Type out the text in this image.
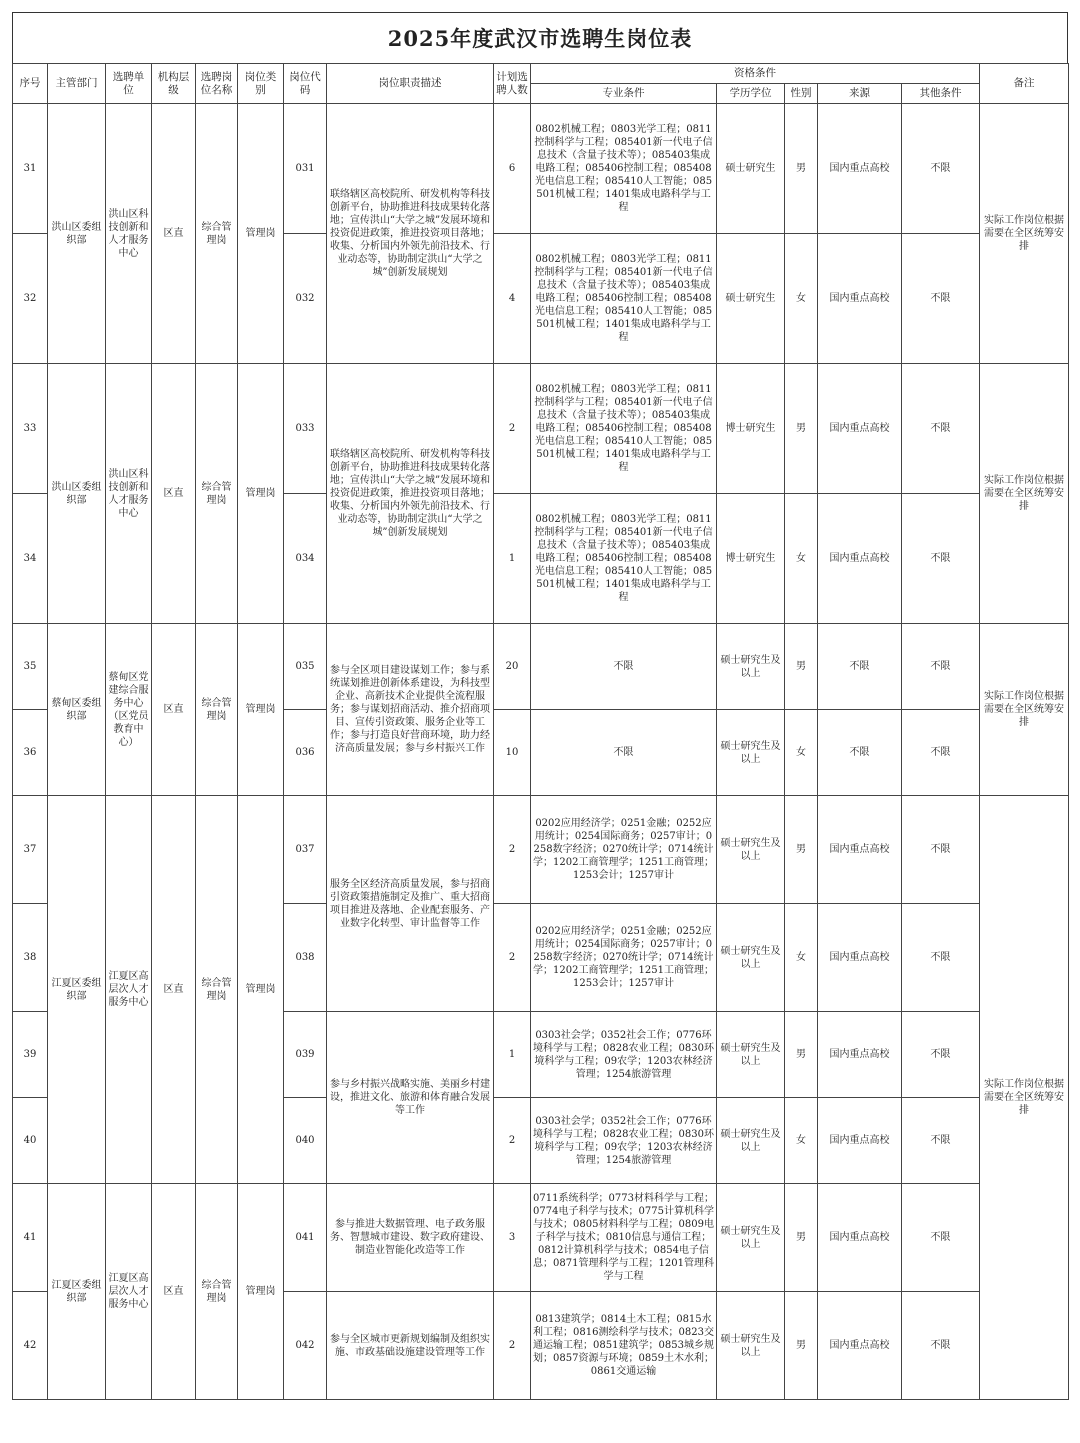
2025年度武汉市选聘生岗位表
序号	主管部门	选聘单位	机构层级	选聘岗位名称	岗位类别	岗位代码	岗位职责描述	计划选聘人数	资格条件					备注
									专业条件	学历学位	性别	来源	其他条件	
31	洪山区委组织部	洪山区科技创新和人才服务中心	区直	综合管理岗	管理岗	031	联络辖区高校院所、研发机构等科技创新平台，协助推进科技成果转化落地；宣传洪山“大学之城”发展环境和投资促进政策，推进投资项目落地；收集、分析国内外领先前沿技术、行业动态等，协助制定洪山“大学之城”创新发展规划	6	0802机械工程；0803光学工程；0811控制科学与工程；085401新一代电子信息技术（含量子技术等）；085403集成电路工程；085406控制工程；085408光电信息工程；085410人工智能；085501机械工程；1401集成电路科学与工程	硕士研究生	男	国内重点高校	不限	实际工作岗位根据需要在全区统筹安排
32						032		4	0802机械工程；0803光学工程；0811控制科学与工程；085401新一代电子信息技术（含量子技术等）；085403集成电路工程；085406控制工程；085408光电信息工程；085410人工智能；085501机械工程；1401集成电路科学与工程	硕士研究生	女	国内重点高校	不限	
33	洪山区委组织部	洪山区科技创新和人才服务中心	区直	综合管理岗	管理岗	033	联络辖区高校院所、研发机构等科技创新平台，协助推进科技成果转化落地；宣传洪山“大学之城”发展环境和投资促进政策，推进投资项目落地；收集、分析国内外领先前沿技术、行业动态等，协助制定洪山“大学之城”创新发展规划	2	0802机械工程；0803光学工程；0811控制科学与工程；085401新一代电子信息技术（含量子技术等）；085403集成电路工程；085406控制工程；085408光电信息工程；085410人工智能；085501机械工程；1401集成电路科学与工程	博士研究生	男	国内重点高校	不限	实际工作岗位根据需要在全区统筹安排
34						034		1	0802机械工程；0803光学工程；0811控制科学与工程；085401新一代电子信息技术（含量子技术等）；085403集成电路工程；085406控制工程；085408光电信息工程；085410人工智能；085501机械工程；1401集成电路科学与工程	博士研究生	女	国内重点高校	不限	
35	蔡甸区委组织部	蔡甸区党建综合服务中心（区党员教育中心）	区直	综合管理岗	管理岗	035	参与全区项目建设谋划工作；参与系统谋划推进创新体系建设，为科技型企业、高新技术企业提供全流程服务；参与谋划招商活动、推介招商项目、宣传引资政策、服务企业等工作；参与打造良好营商环境，助力经济高质量发展；参与乡村振兴工作	20	不限	硕士研究生及以上	男	不限	不限	实际工作岗位根据需要在全区统筹安排
36						036		10	不限	硕士研究生及以上	女	不限	不限	
37	江夏区委组织部	江夏区高层次人才服务中心	区直	综合管理岗	管理岗	037	服务全区经济高质量发展，参与招商引资政策措施制定及推广、重大招商项目推进及落地、企业配套服务、产业数字化转型、审计监督等工作	2	0202应用经济学；0251金融；0252应用统计；0254国际商务；0257审计；0258数字经济；0270统计学；0714统计学；1202工商管理学；1251工商管理；1253会计；1257审计	硕士研究生及以上	男	国内重点高校	不限	实际工作岗位根据需要在全区统筹安排
38						038		2	0202应用经济学；0251金融；0252应用统计；0254国际商务；0257审计；0258数字经济；0270统计学；0714统计学；1202工商管理学；1251工商管理；1253会计；1257审计	硕士研究生及以上	女	国内重点高校	不限	
39						039	参与乡村振兴战略实施、美丽乡村建设，推进文化、旅游和体育融合发展等工作	1	0303社会学；0352社会工作；0776环境科学与工程；0828农业工程；0830环境科学与工程；09农学；1203农林经济管理；1254旅游管理	硕士研究生及以上	男	国内重点高校	不限	
40						040		2	0303社会学；0352社会工作；0776环境科学与工程；0828农业工程；0830环境科学与工程；09农学；1203农林经济管理；1254旅游管理	硕士研究生及以上	女	国内重点高校	不限	
41	江夏区委组织部	江夏区高层次人才服务中心	区直	综合管理岗	管理岗	041	参与推进大数据管理、电子政务服务、智慧城市建设、数字政府建设、制造业智能化改造等工作	3	0711系统科学；0773材料科学与工程；0774电子科学与技术；0775计算机科学与技术；0805材料科学与工程；0809电子科学与技术；0810信息与通信工程；0812计算机科学与技术；0854电子信息；0871管理科学与工程；1201管理科学与工程	硕士研究生及以上	男	国内重点高校	不限	
42						042	参与全区城市更新规划编制及组织实施、市政基础设施建设管理等工作	2	0813建筑学；0814土木工程；0815水利工程；0816测绘科学与技术；0823交通运输工程；0851建筑学；0853城乡规划；0857资源与环境；0859土木水利；0861交通运输	硕士研究生及以上	男	国内重点高校	不限	
